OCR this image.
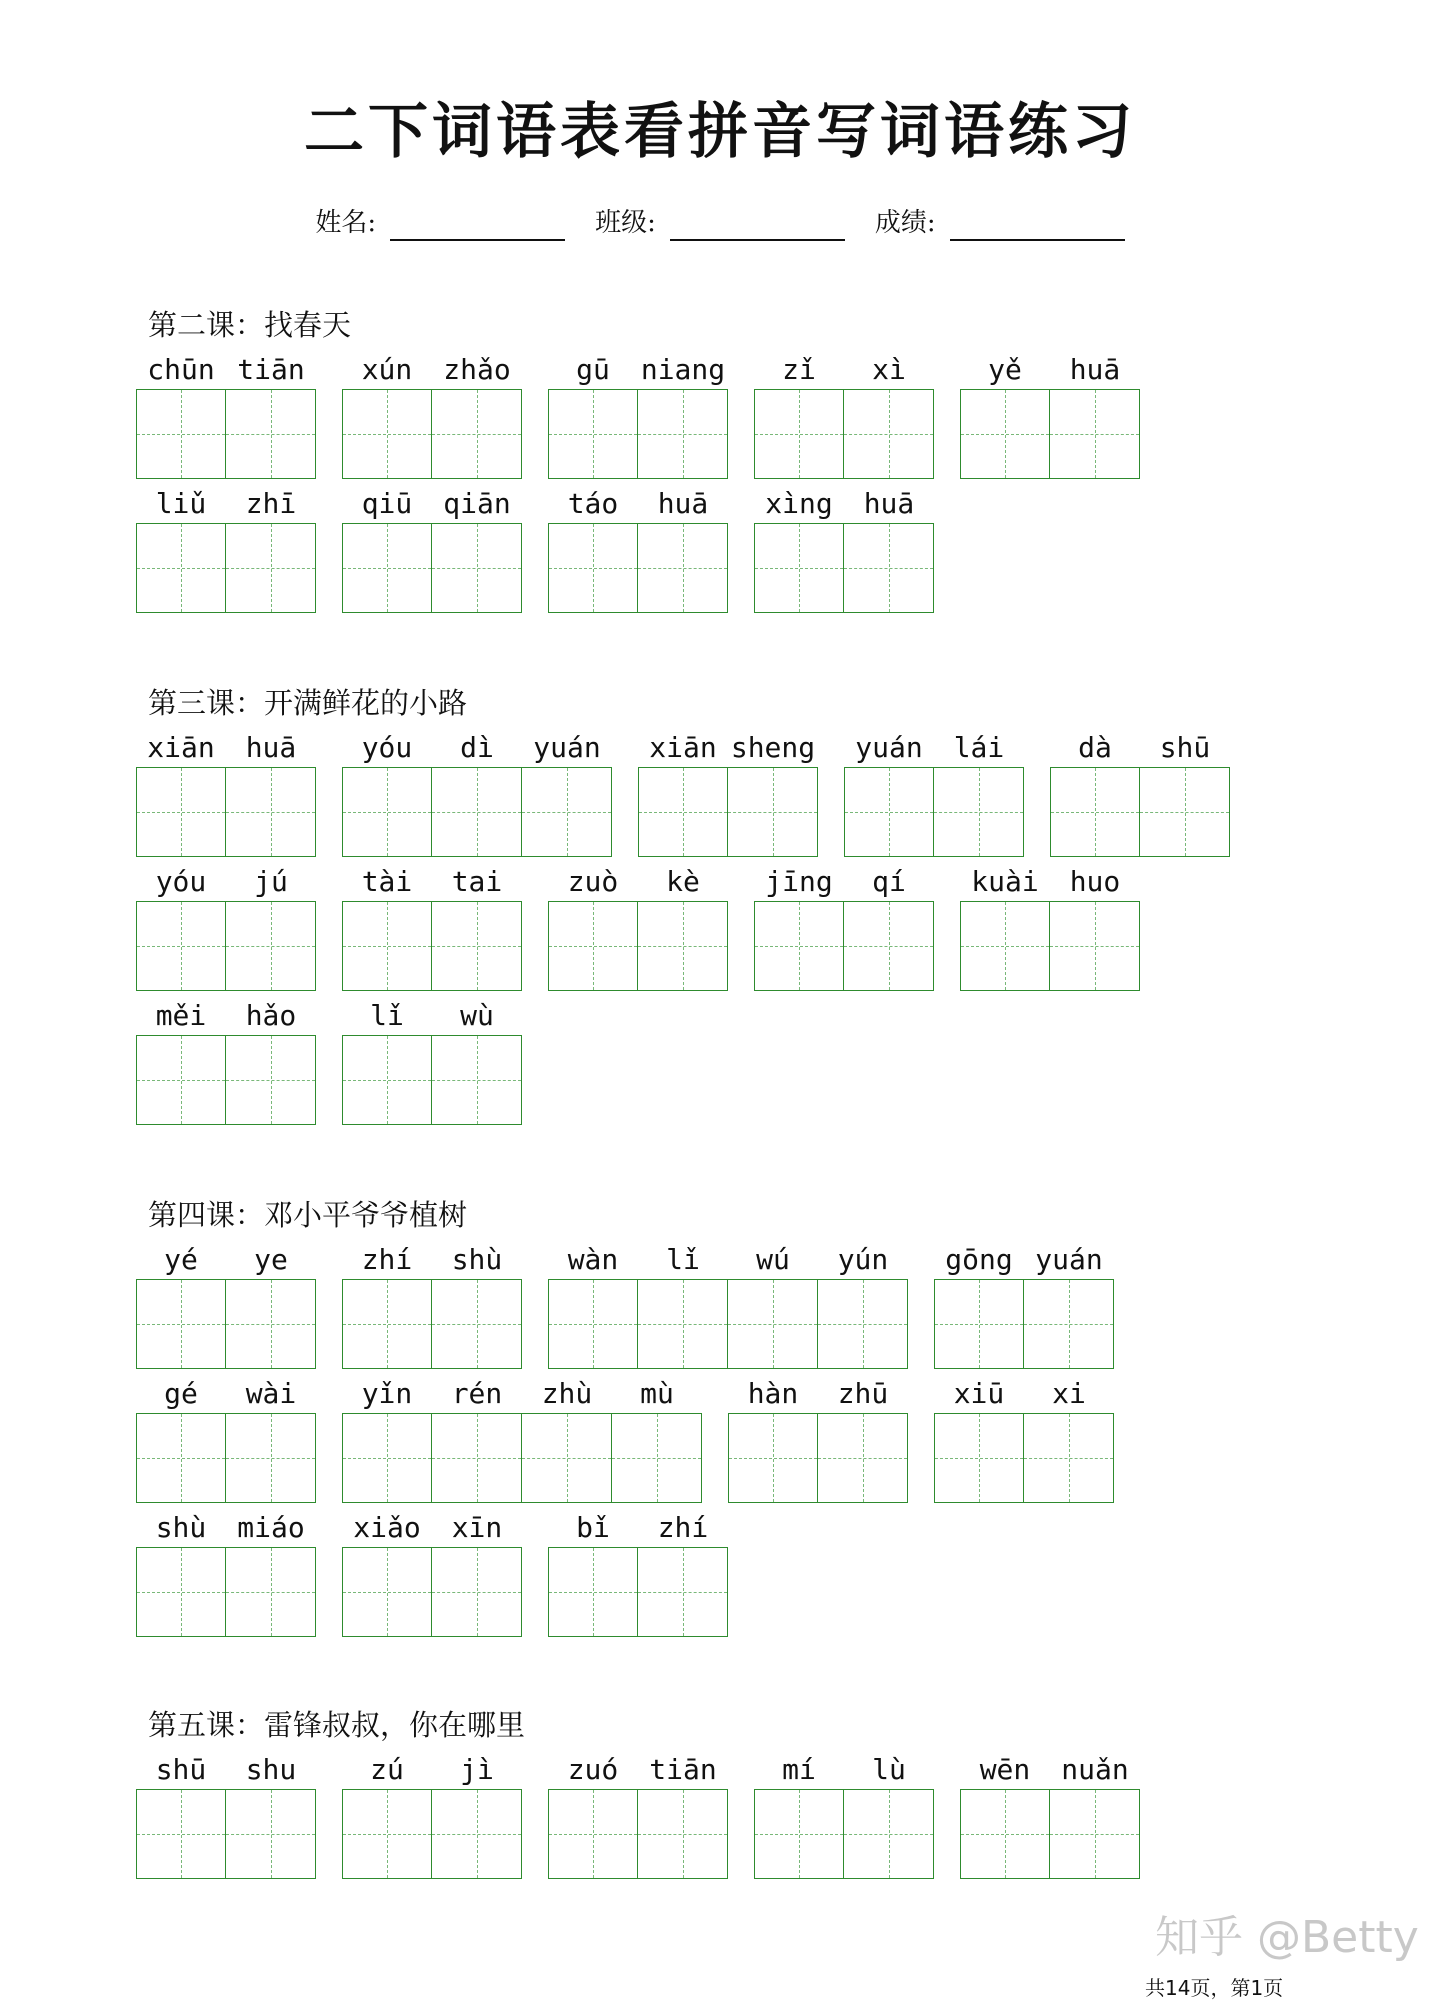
二下词语表看拼音写词语练习
姓名:	班级:	成绩:
第二课：找春天
chūn tiān	xún	zhǎo	gū	niang	zǐ	xì	yě	huā
liǔ	zhī	qiū	qiān	táo	huā	xìng	huā
第三课：开满鲜花的小路
xiān	huā	yóu	dì	yuán	xiān sheng	yuán	lái	dà	shū
yóu	jú	tài	tai	zuò	kè	jīng	qí	kuài	huo
měi	hǎo	lǐ	wù
第四课：邓小平爷爷植树
yé	ye	zhí	shù	wàn	lǐ	wú	yún	gōng yuán
gé	wài	yǐn	rén	zhù	mù	hàn	zhū	xiū	xi
shù	miáo	xiǎo	xīn	bǐ	zhí
第五课：雷锋叔叔，你在哪里
shū	shu	zú	jì	zuó	tiān	mí	lù	wēn	nuǎn
知乎 @Betty
共14页，第1页
